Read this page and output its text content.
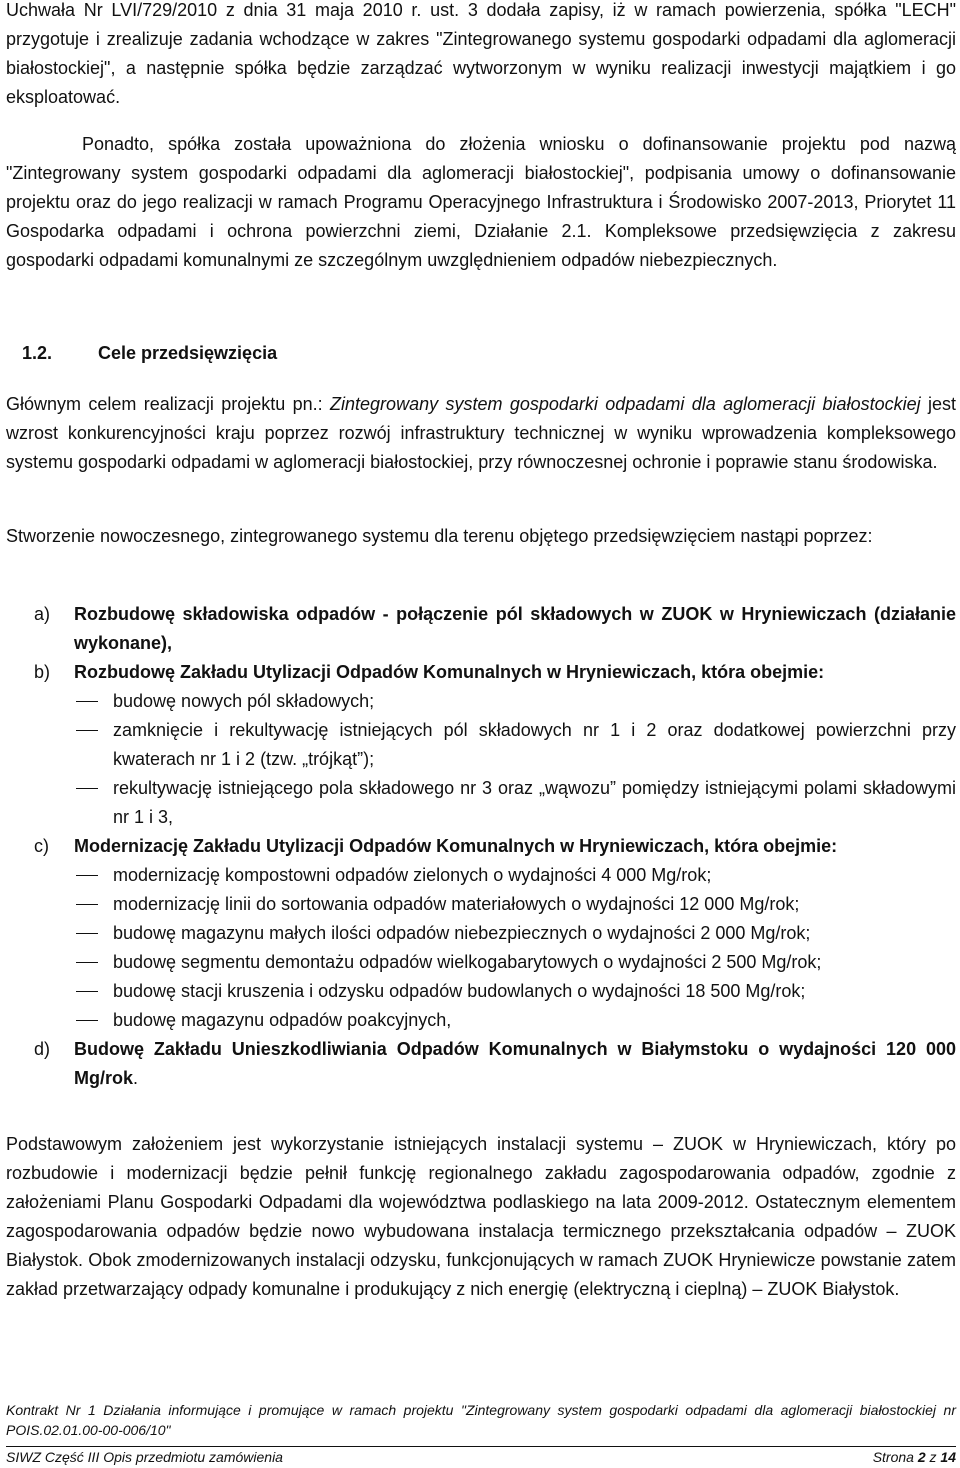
Uchwała Nr LVI/729/2010 z dnia 31 maja 2010 r. ust. 3 dodała zapisy, iż w ramach powierzenia, spółka "LECH" przygotuje i zrealizuje zadania wchodzące w zakres "Zintegrowanego systemu gospodarki odpadami dla aglomeracji białostockiej", a następnie spółka będzie zarządzać wytworzonym w wyniku realizacji inwestycji majątkiem i go eksploatować.

Ponadto, spółka została upoważniona do złożenia wniosku o dofinansowanie projektu pod nazwą "Zintegrowany system gospodarki odpadami dla aglomeracji białostockiej", podpisania umowy o dofinansowanie projektu oraz do jego realizacji w ramach Programu Operacyjnego Infrastruktura i Środowisko 2007-2013, Priorytet 11 Gospodarka odpadami i ochrona powierzchni ziemi, Działanie 2.1. Kompleksowe przedsięwzięcia z zakresu gospodarki odpadami komunalnymi ze szczególnym uwzględnieniem odpadów niebezpiecznych.

1.2.	Cele przedsięwzięcia

Głównym celem realizacji projektu pn.: Zintegrowany system gospodarki odpadami dla aglomeracji białostockiej jest wzrost konkurencyjności kraju poprzez rozwój infrastruktury technicznej w wyniku wprowadzenia kompleksowego systemu gospodarki odpadami w aglomeracji białostockiej, przy równoczesnej ochronie i poprawie stanu środowiska.

Stworzenie nowoczesnego, zintegrowanego systemu dla terenu objętego przedsięwzięciem nastąpi poprzez:

a) Rozbudowę składowiska odpadów - połączenie pól składowych w ZUOK w Hryniewiczach (działanie wykonane),
b) Rozbudowę Zakładu Utylizacji Odpadów Komunalnych w Hryniewiczach, która obejmie:
budowę nowych pól składowych;
zamknięcie i rekultywację istniejących pól składowych nr 1 i 2 oraz dodatkowej powierzchni przy kwaterach nr 1 i 2 (tzw. „trójkąt”);
rekultywację istniejącego pola składowego nr 3 oraz „wąwozu” pomiędzy istniejącymi polami składowymi nr 1 i 3,
c) Modernizację Zakładu Utylizacji Odpadów Komunalnych w Hryniewiczach, która obejmie:
modernizację kompostowni odpadów zielonych o wydajności 4 000 Mg/rok;
modernizację linii do sortowania odpadów materiałowych o wydajności 12 000 Mg/rok;
budowę magazynu małych ilości odpadów niebezpiecznych o wydajności 2 000 Mg/rok;
budowę segmentu demontażu odpadów wielkogabarytowych o wydajności 2 500 Mg/rok;
budowę stacji kruszenia i odzysku odpadów budowlanych o wydajności 18 500 Mg/rok;
budowę magazynu odpadów poakcyjnych,
d) Budowę Zakładu Unieszkodliwiania Odpadów Komunalnych w Białymstoku o wydajności 120 000 Mg/rok.

Podstawowym założeniem jest wykorzystanie istniejących instalacji systemu – ZUOK w Hryniewiczach, który po rozbudowie i modernizacji będzie pełnił funkcję regionalnego zakładu zagospodarowania odpadów, zgodnie z założeniami Planu Gospodarki Odpadami dla województwa podlaskiego na lata 2009-2012. Ostatecznym elementem zagospodarowania odpadów będzie nowo wybudowana instalacja termicznego przekształcania odpadów – ZUOK Białystok. Obok zmodernizowanych instalacji odzysku, funkcjonujących w ramach ZUOK Hryniewicze powstanie zatem zakład przetwarzający odpady komunalne i produkujący z nich energię (elektryczną i cieplną) – ZUOK Białystok.

Kontrakt Nr 1 Działania informujące i promujące w ramach projektu "Zintegrowany system gospodarki odpadami dla aglomeracji białostockiej nr POIS.02.01.00-00-006/10"
SIWZ Część III Opis przedmiotu zamówienia	Strona 2 z 14
